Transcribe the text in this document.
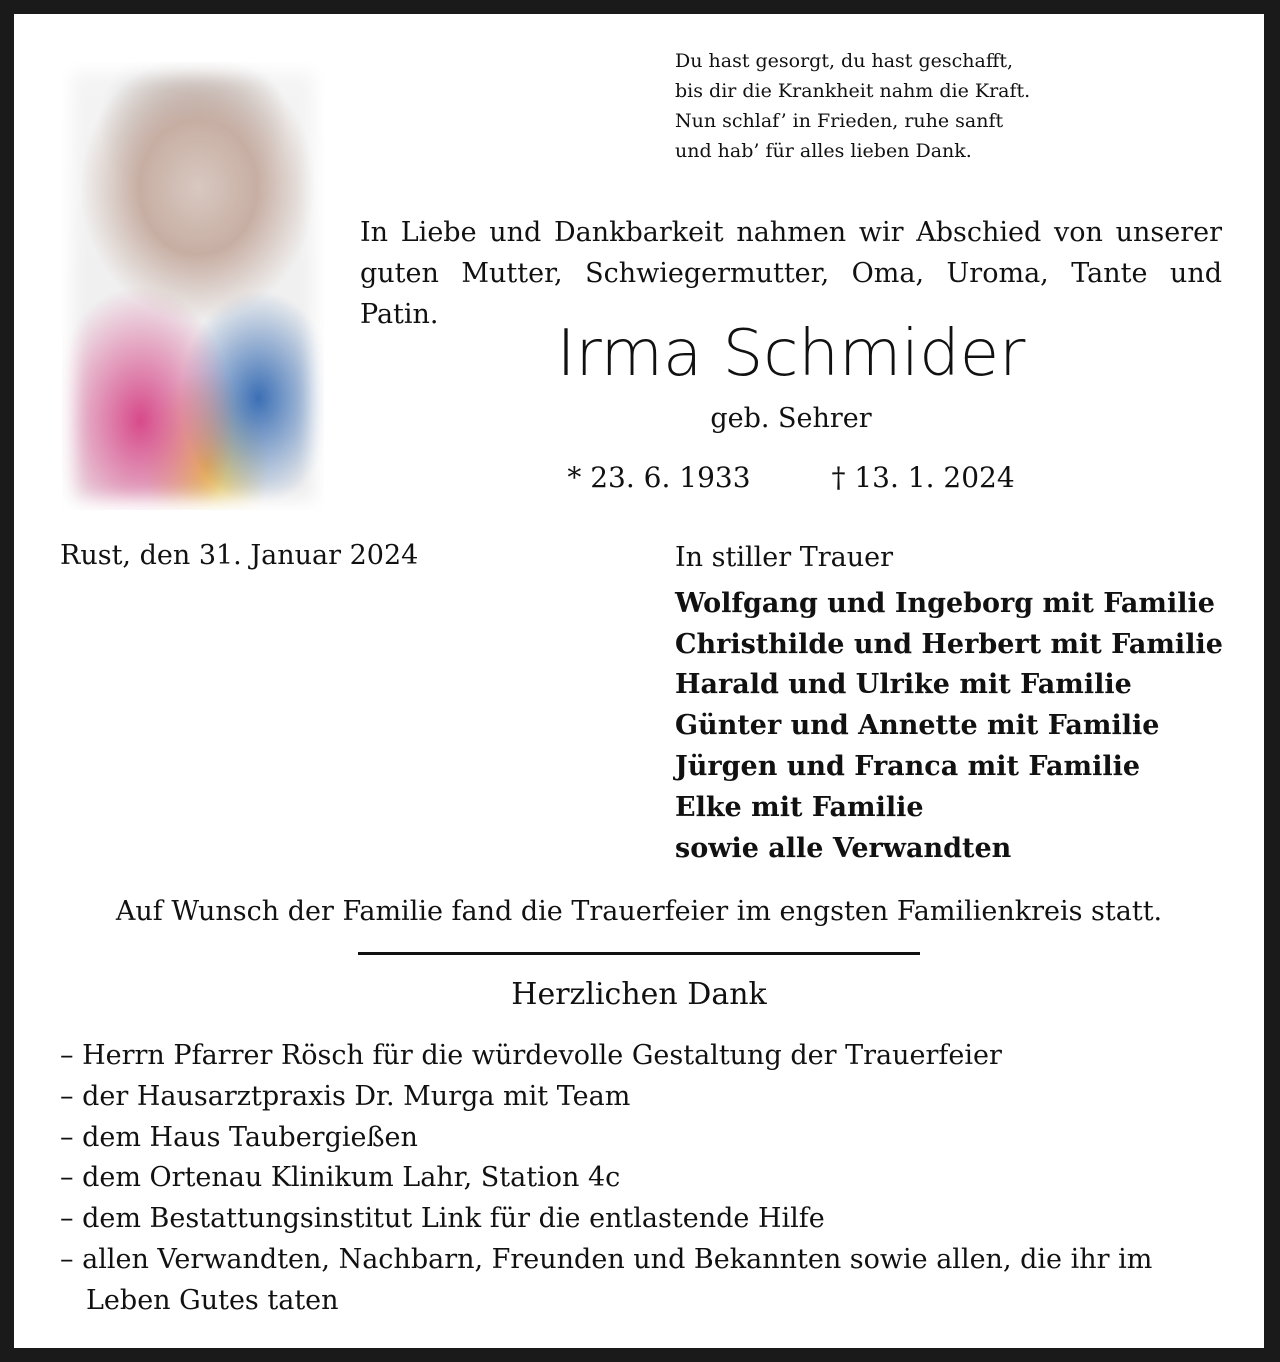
Du hast gesorgt, du hast geschafft,
bis dir die Krankheit nahm die Kraft.
Nun schlaf’ in Frieden, ruhe sanft
und hab’ für alles lieben Dank.
In Liebe und Dankbarkeit nahmen wir Abschied von unserer
guten Mutter, Schwiegermutter, Oma, Uroma, Tante und Patin.
Irma Schmider
geb. Sehrer
* 23. 6. 1933	† 13. 1. 2024
Rust, den 31. Januar 2024	In stiller Trauer
Wolfgang und Ingeborg mit Familie
Christhilde und Herbert mit Familie
Harald und Ulrike mit Familie
Günter und Annette mit Familie
Jürgen und Franca mit Familie
Elke mit Familie
sowie alle Verwandten
Auf Wunsch der Familie fand die Trauerfeier im engsten Familienkreis statt.
Herzlichen Dank
– Herrn Pfarrer Rösch für die würdevolle Gestaltung der Trauerfeier
– der Hausarztpraxis Dr. Murga mit Team
– dem Haus Taubergießen
– dem Ortenau Klinikum Lahr, Station 4c
– dem Bestattungsinstitut Link für die entlastende Hilfe
– allen Verwandten, Nachbarn, Freunden und Bekannten sowie allen, die ihr im Leben Gutes taten
